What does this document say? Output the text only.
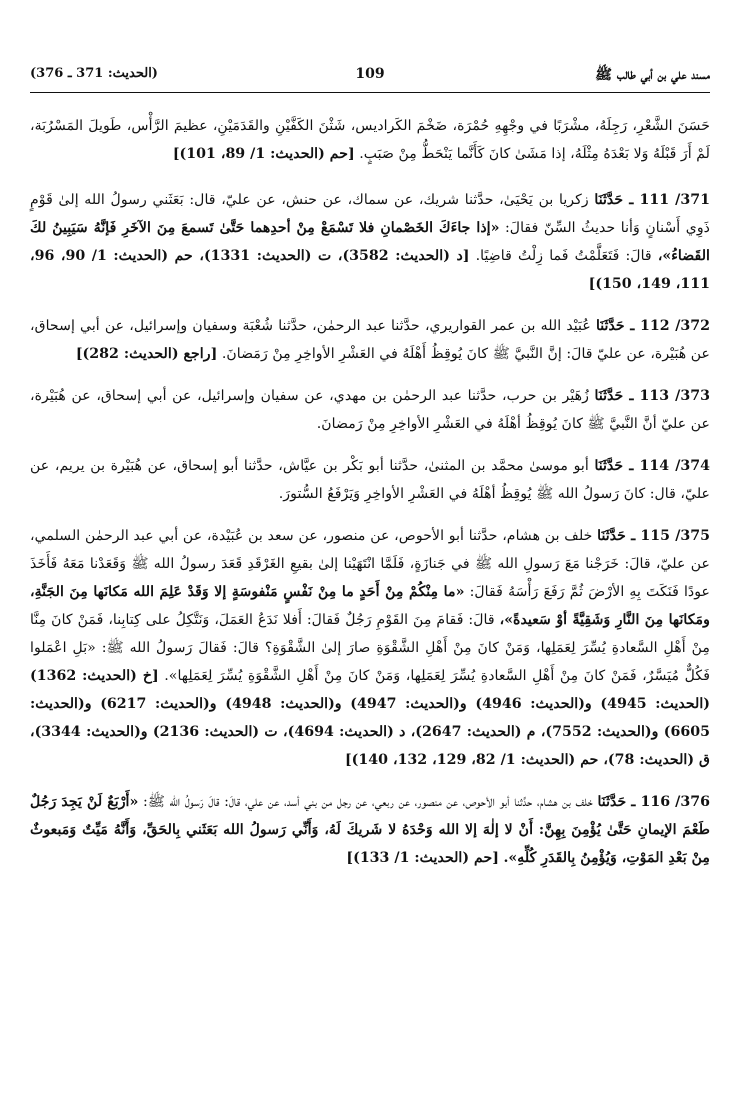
مسند علي بن أبي طالب ﷺ
109
(الحديث: 371 ـ 376)

حَسَنَ الشَّعْرِ، رَجِلَهُ، مشْرَبًا في وجْهِهِ حُمْرَة، ضَخْمَ الكَراديس، شَثْنَ الكَفَّيْنِ والقَدَمَيْنِ، عظيمَ الرَّأْس، طَويلَ المَسْرُبَة، لَمْ أَرَ قَبْلَهُ وَلا بَعْدَهُ مِثْلَهُ، إذا مَشَىٰ كانَ كَأَنَّما يَنْحَطُّ مِنْ صَبَبٍ. [حم (الحديث: 1/ 89، 101)]

371/ 111 ـ حَدَّثَنَا زكريا بن يَحْيَىٰ، حدَّثنا شريك، عن سماك، عن حنش، عن عليّ، قال: بَعَثَني رسولُ الله إلىٰ قَوْمٍ ذَوِي أَسْنانٍ وَأنا حديثُ السِّنّ فقالَ: «إذا جاءَكَ الخَصْمانِ فلا تَسْمَعْ مِنْ أحدِهما حَتَّىٰ تَسمعَ مِنَ الآخَرِ فَإنَّهُ سَيَبِينُ لكَ القَضاءُ»، قالَ: فَتَعَلَّمْتُ فَما زِلْتُ قاضِيًا. [د (الحديث: 3582)، ت (الحديث: 1331)، حم (الحديث: 1/ 90، 96، 111، 149، 150)]

372/ 112 ـ حَدَّثَنَا عُبَيْد الله بن عمر القواريري، حدَّثنا عبد الرحمٰن، حدَّثنا شُعْبَة وسفيان وإسرائيل، عن أبي إسحاق، عن هُبَيْرة، عن عليّ قالَ: إنَّ النَّبيَّ ﷺ كانَ يُوقِظُ أَهْلَهُ في العَشْرِ الأواخِرِ مِنْ رَمَضانَ. [راجع (الحديث: 282)]

373/ 113 ـ حَدَّثَنَا زُهَيْر بن حرب، حدَّثنا عبد الرحمٰن بن مهدي، عن سفيان وإسرائيل، عن أبي إسحاق، عن هُبَيْرة، عن عليّ أنَّ النَّبيَّ ﷺ كانَ يُوقِظُ أهْلَهُ في العَشْرِ الأواخِرِ مِنْ رَمضانَ.

374/ 114 ـ حَدَّثَنَا أبو موسىٰ محمَّد بن المثنىٰ، حدَّثنا أبو بَكْر بن عيَّاش، حدَّثنا أبو إسحاق، عن هُبَيْرة بن يريم، عن عليّ، قال: كانَ رَسولُ الله ﷺ يُوقِظُ أهْلَهُ في العَشْرِ الأواخِرِ وَيَرْفَعُ السُّتورَ.

375/ 115 ـ حَدَّثَنَا خلف بن هشام، حدَّثنا أبو الأحوص، عن منصور، عن سعد بن عُبَيْدة، عن أبي عبد الرحمٰن السلمي، عن عليّ، قالَ: خَرَجْنا مَعَ رَسولِ الله ﷺ في جَنازَةٍ، فَلَمَّا انْتَهَيْنا إلىٰ بقيعِ الغَرْقَدِ قَعَدَ رسولُ الله ﷺ وَقَعَدْنا مَعَهُ فَأَخَذَ عودًا فَنَكَتَ بِهِ الأرْضَ ثُمَّ رَفَعَ رَأْسَهُ فَقالَ: «ما مِنْكُمْ مِنْ أَحَدٍ ما مِنْ نَفْسٍ مَنْفوسَةٍ إلا وَقَدْ عَلِمَ الله مَكانَها مِنَ الجَنَّةِ، ومَكانَها مِنَ النَّارِ وَشَقِيَّةً أوْ سَعيدةً»، قالَ: فَقامَ مِنَ القَوْمِ رَجُلٌ فَقالَ: أَفلا نَدَعُ العَمَلَ، وَنَتَّكِلُ على كِتابِنا، فَمَنْ كانَ مِنَّا مِنْ أَهْلِ السَّعادةِ يُسِّرَ لِعَمَلِها، وَمَنْ كانَ مِنْ أَهْلِ الشَّقْوَةِ صارَ إلىٰ الشَّقْوَةِ؟ قالَ: فَقالَ رَسولُ الله ﷺ: «بَلِ اعْمَلوا فَكُلٌّ مُيَسَّرٌ، فَمَنْ كانَ مِنْ أَهْلِ السَّعادةِ يُسِّرَ لِعَمَلِها، وَمَنْ كانَ مِنْ أَهْلِ الشَّقْوَةِ يُسِّرَ لِعَمَلِها». [خ (الحديث: 1362) (الحديث: 4945) و(الحديث: 4946) و(الحديث: 4947) و(الحديث: 4948) و(الحديث: 6217) و(الحديث: 6605) و(الحديث: 7552)، م (الحديث: 2647)، د (الحديث: 4694)، ت (الحديث: 2136) و(الحديث: 3344)، ق (الحديث: 78)، حم (الحديث: 1/ 82، 129، 132، 140)]

376/ 116 ـ حَدَّثَنَا خلف بن هشام، حدَّثنا أبو الأحوص، عن منصور، عن ربعي، عن رجل من بني أسد، عن علي، قالَ: قالَ رَسولُ الله ﷺ: «أَرْبَعٌ لَنْ يَجِدَ رَجُلٌ طَعْمَ الإيمانِ حَتَّىٰ يُؤْمِنَ بِهِنَّ: أَنْ لا إلٰهَ إلا الله وَحْدَهُ لا شَريكَ لَهُ، وَأَنِّي رَسولُ الله بَعَثَني بِالحَقِّ، وَأَنَّهُ مَيِّتٌ وَمَبعوثٌ مِنْ بَعْدِ المَوْتِ، وَيُؤْمِنُ بِالقَدَرِ كُلِّهِ». [حم (الحديث: 1/ 133)]
